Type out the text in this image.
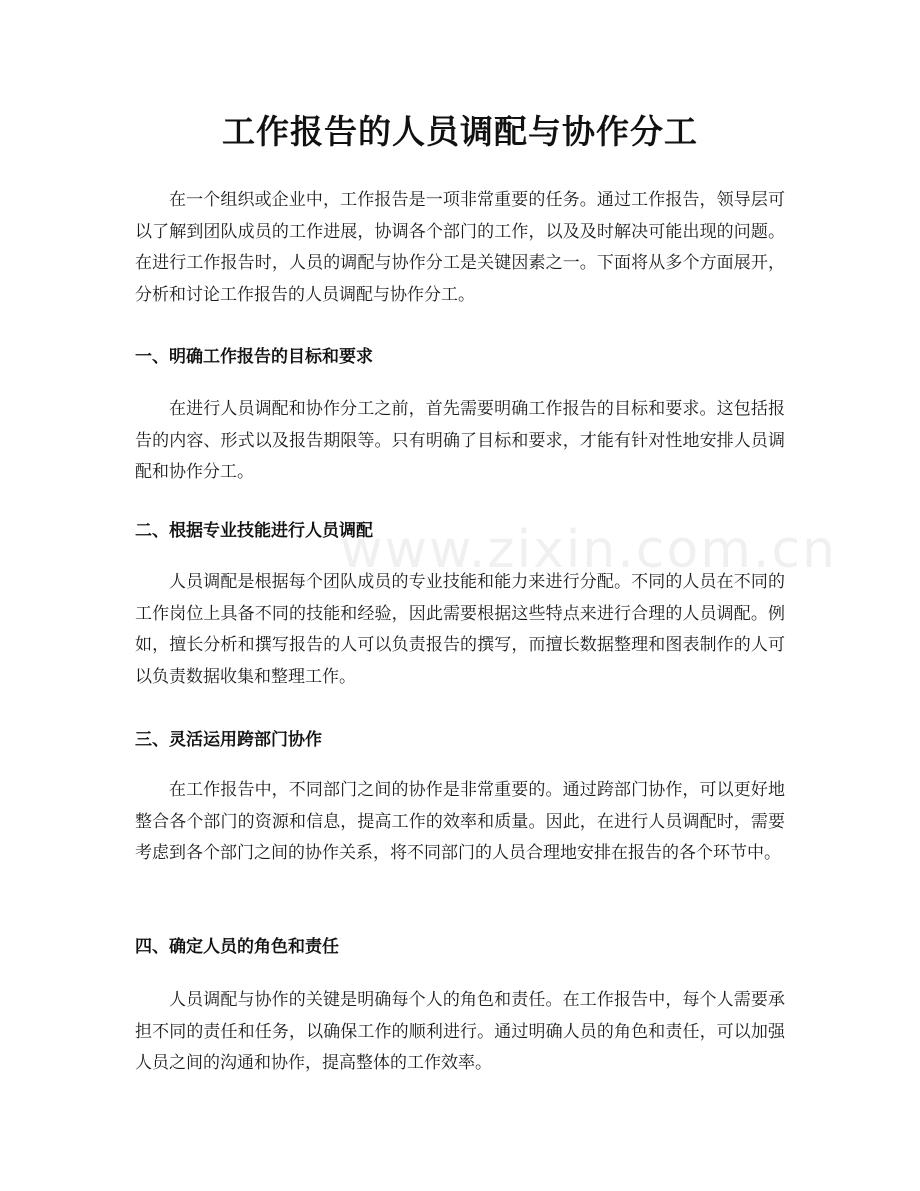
工作报告的人员调配与协作分工

在一个组织或企业中，工作报告是一项非常重要的任务。通过工作报告，领导层可以了解到团队成员的工作进展，协调各个部门的工作，以及及时解决可能出现的问题。在进行工作报告时，人员的调配与协作分工是关键因素之一。下面将从多个方面展开，分析和讨论工作报告的人员调配与协作分工。

一、明确工作报告的目标和要求

在进行人员调配和协作分工之前，首先需要明确工作报告的目标和要求。这包括报告的内容、形式以及报告期限等。只有明确了目标和要求，才能有针对性地安排人员调配和协作分工。

二、根据专业技能进行人员调配

人员调配是根据每个团队成员的专业技能和能力来进行分配。不同的人员在不同的工作岗位上具备不同的技能和经验，因此需要根据这些特点来进行合理的人员调配。例如，擅长分析和撰写报告的人可以负责报告的撰写，而擅长数据整理和图表制作的人可以负责数据收集和整理工作。

三、灵活运用跨部门协作

在工作报告中，不同部门之间的协作是非常重要的。通过跨部门协作，可以更好地整合各个部门的资源和信息，提高工作的效率和质量。因此，在进行人员调配时，需要考虑到各个部门之间的协作关系，将不同部门的人员合理地安排在报告的各个环节中。

四、确定人员的角色和责任

人员调配与协作的关键是明确每个人的角色和责任。在工作报告中，每个人需要承担不同的责任和任务，以确保工作的顺利进行。通过明确人员的角色和责任，可以加强人员之间的沟通和协作，提高整体的工作效率。

www.zixin.com.cn
